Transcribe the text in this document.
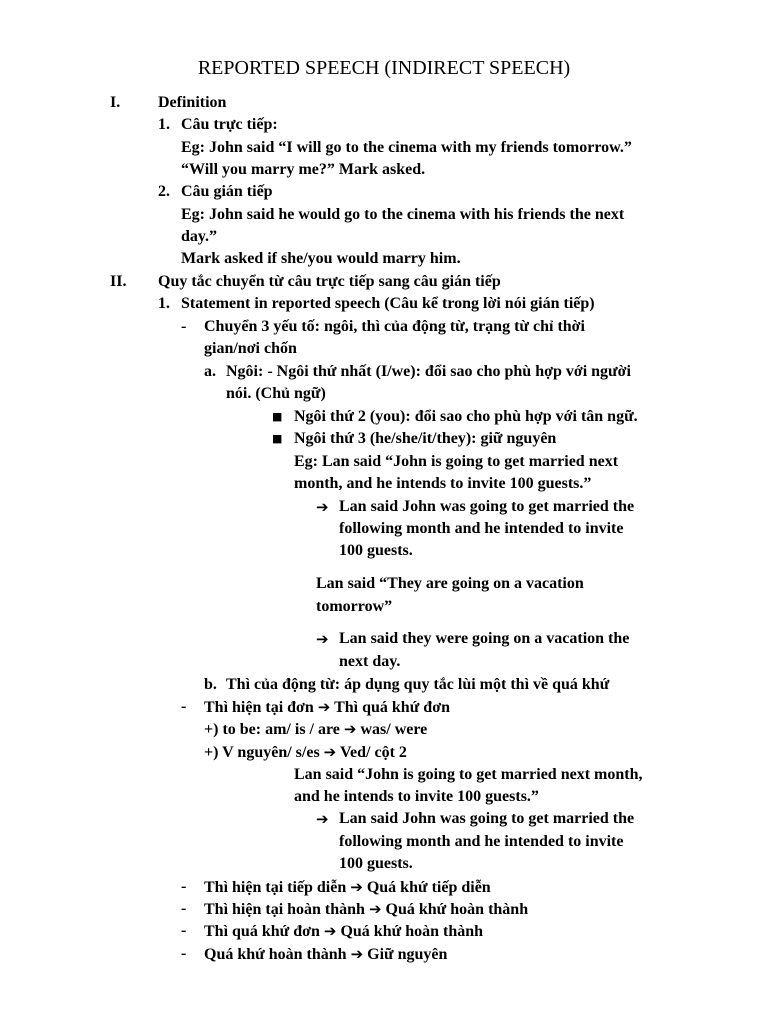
REPORTED SPEECH (INDIRECT SPEECH)
I. Definition
1. Câu trực tiếp:
Eg: John said “I will go to the cinema with my friends tomorrow.”
“Will you marry me?” Mark asked.
2. Câu gián tiếp
Eg: John said he would go to the cinema with his friends the next
day.”
Mark asked if she/you would marry him.
II. Quy tắc chuyển từ câu trực tiếp sang câu gián tiếp
1. Statement in reported speech (Câu kể trong lời nói gián tiếp)
- Chuyển 3 yếu tố: ngôi, thì của động từ, trạng từ chỉ thời
gian/nơi chốn
a. Ngôi: - Ngôi thứ nhất (I/we): đổi sao cho phù hợp với người
nói. (Chủ ngữ)
■ Ngôi thứ 2 (you): đổi sao cho phù hợp với tân ngữ.
■ Ngôi thứ 3 (he/she/it/they): giữ nguyên
Eg: Lan said “John is going to get married next
month, and he intends to invite 100 guests.”
➔ Lan said John was going to get married the
following month and he intended to invite
100 guests.
Lan said “They are going on a vacation
tomorrow”
➔ Lan said they were going on a vacation the
next day.
b. Thì của động từ: áp dụng quy tắc lùi một thì về quá khứ
- Thì hiện tại đơn ➔ Thì quá khứ đơn
+) to be: am/ is / are ➔ was/ were
+) V nguyên/ s/es ➔ Ved/ cột 2
Lan said “John is going to get married next month,
and he intends to invite 100 guests.”
➔ Lan said John was going to get married the
following month and he intended to invite
100 guests.
- Thì hiện tại tiếp diễn ➔ Quá khứ tiếp diễn
- Thì hiện tại hoàn thành ➔ Quá khứ hoàn thành
- Thì quá khứ đơn ➔ Quá khứ hoàn thành
- Quá khứ hoàn thành ➔ Giữ nguyên
